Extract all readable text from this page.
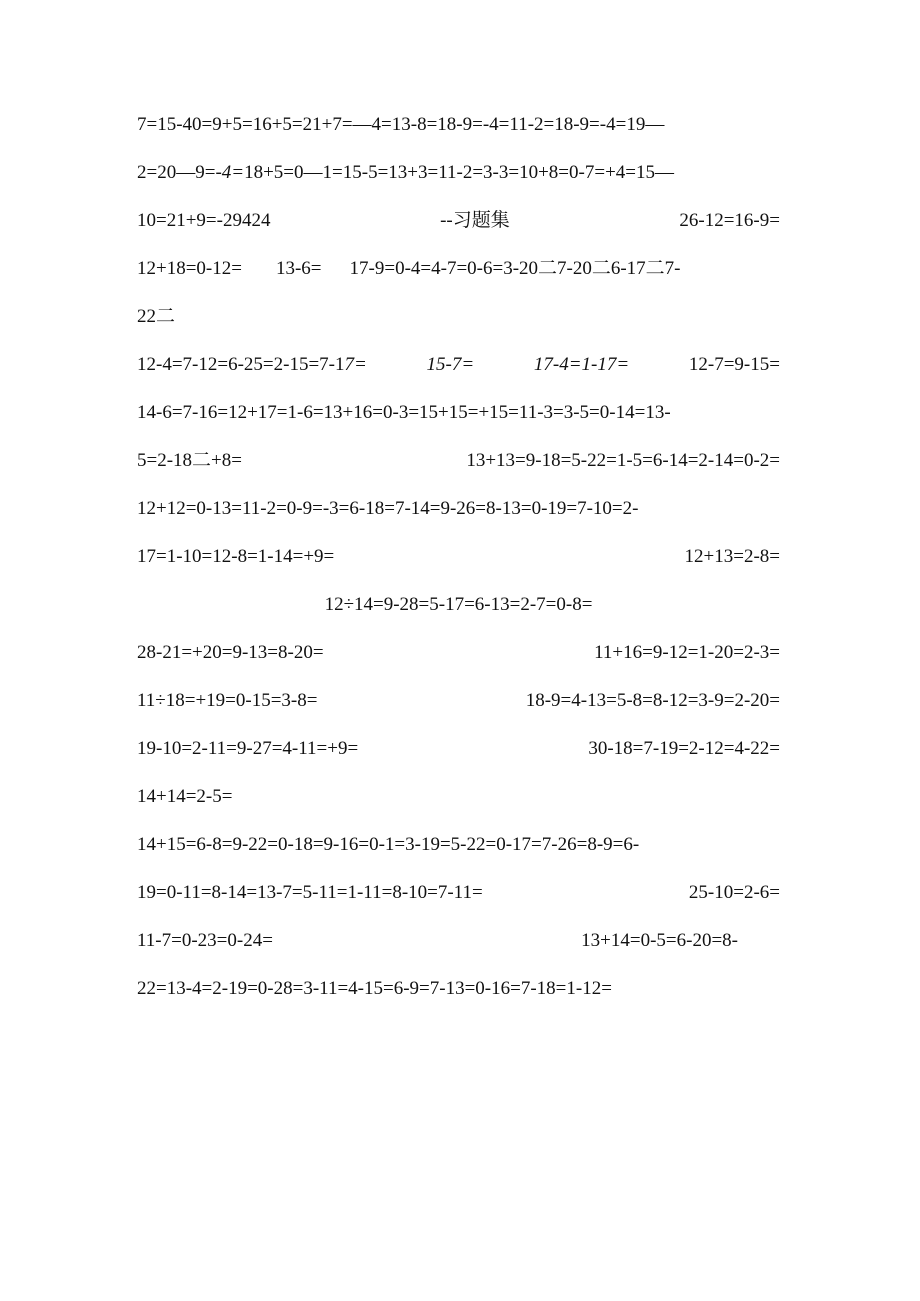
7=15-40=9+5=16+5=21+7=—4=13-8=18-9=-4=11-2=18-9=-4=19—
2=20—9= -4= 18+5=0—1=15-5=13+3=11-2=3-3=10+8=0-7=+4=15—
10=21+9=-29424	--习题集	26-12=16-9=
12+18=0-12= 13-6= 17-9=0-4=4-7=0-6=3-20二7-20二6-17二7-
22二
12-4=7-12=6-25=2-15=7-17=	15-7=	17-4=1-17=	12-7=9-15=
14-6=7-16=12+17=1-6=13+16=0-3=15+15=+15=11-3=3-5=0-14=13-
5=2-18二+8=	13+13=9-18=5-22=1-5=6-14=2-14=0-2=
12+12=0-13=11-2=0-9=-3=6-18=7-14=9-26=8-13=0-19=7-10=2-
17=1-10=12-8=1-14=+9=	12+13=2-8=
12÷14=9-28=5-17=6-13=2-7=0-8=
28-21=+20=9-13=8-20=	11+16=9-12=1-20=2-3=
11÷18=+19=0-15=3-8=	18-9=4-13=5-8=8-12=3-9=2-20=
19-10=2-11=9-27=4-11=+9=	30-18=7-19=2-12=4-22=
14+14=2-5=
14+15=6-8=9-22=0-18=9-16=0-1=3-19=5-22=0-17=7-26=8-9=6-
19=0-11=8-14=13-7=5-11=1-11=8-10=7-11=	25-10=2-6=
11-7=0-23=0-24=	13+14=0-5=6-20=8-
22=13-4=2-19=0-28=3-11=4-15=6-9=7-13=0-16=7-18=1-12=
